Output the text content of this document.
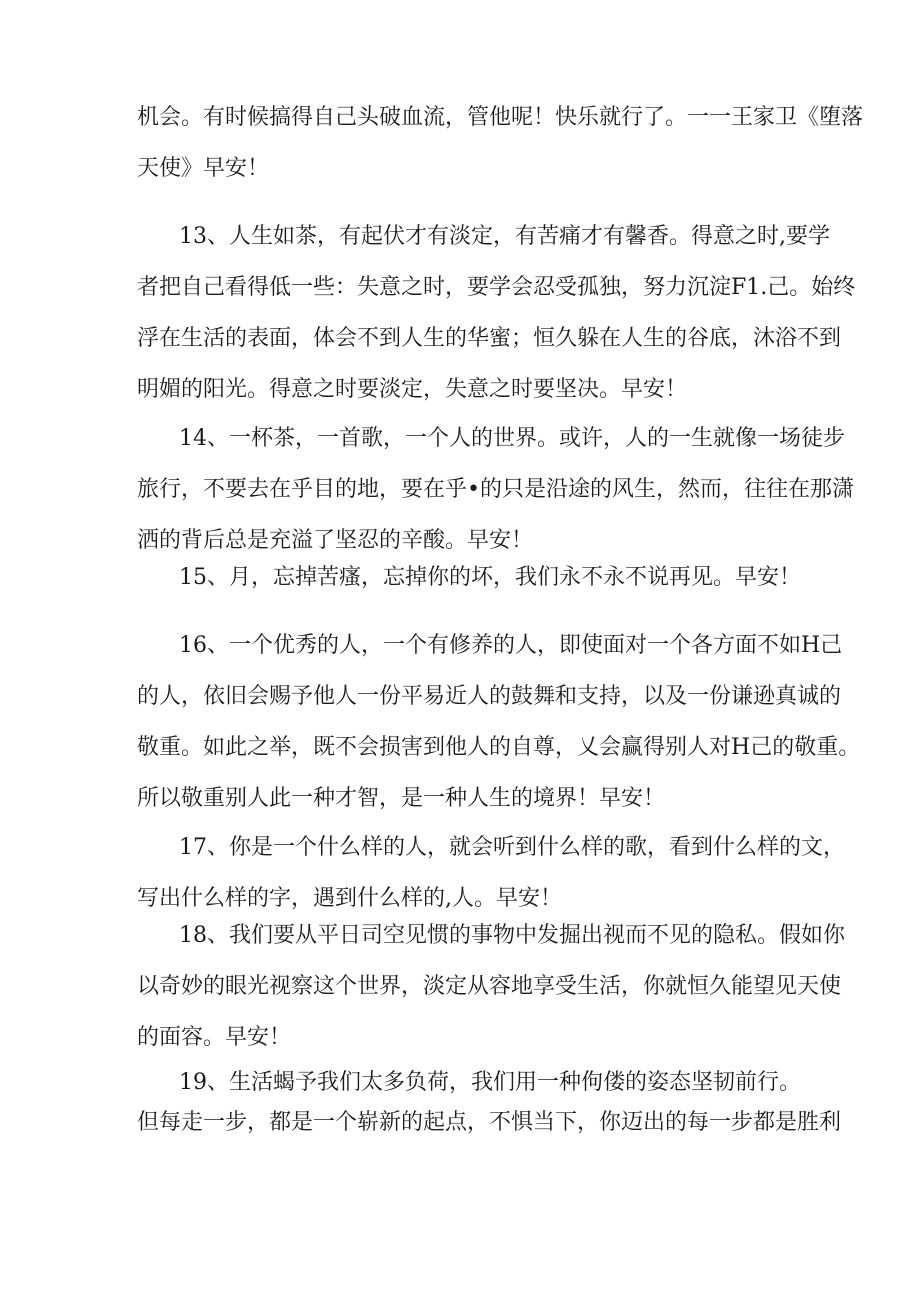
机会。有时候搞得自己头破血流，管他呢！快乐就行了。一一王家卫《堕落
天使》早安！
13、人生如茶，有起伏才有淡定，有苦痛才有馨香。得意之时,要学
者把自己看得低一些：失意之时，要学会忍受孤独，努力沉淀F1.己。始终
浮在生活的表面，体会不到人生的华蜜；恒久躲在人生的谷底，沐浴不到
明媚的阳光。得意之时要淡定，失意之时要坚决。早安！
14、一杯茶，一首歌，一个人的世界。或许，人的一生就像一场徒步
旅行，不要去在乎目的地，要在乎•的只是沿途的风生，然而，往往在那潇
洒的背后总是充溢了坚忍的辛酸。早安！
15、月，忘掉苦瘙，忘掉你的坏，我们永不永不说再见。早安！
16、一个优秀的人，一个有修养的人，即使面对一个各方面不如H己
的人，依旧会赐予他人一份平易近人的鼓舞和支持，以及一份谦逊真诚的
敬重。如此之举，既不会损害到他人的自尊，乂会赢得别人对H己的敬重。
所以敬重别人此一种才智，是一种人生的境界！早安！
17、你是一个什么样的人，就会听到什么样的歌，看到什么样的文，
写出什么样的字，遇到什么样的,人。早安！
18、我们要从平日司空见惯的事物中发掘出视而不见的隐私。假如你
以奇妙的眼光视察这个世界，淡定从容地享受生活，你就恒久能望见天使
的面容。早安！
19、生活蝎予我们太多负荷，我们用一种佝偻的姿态坚韧前行。
但每走一步，都是一个崭新的起点，不惧当下，你迈出的每一步都是胜利
